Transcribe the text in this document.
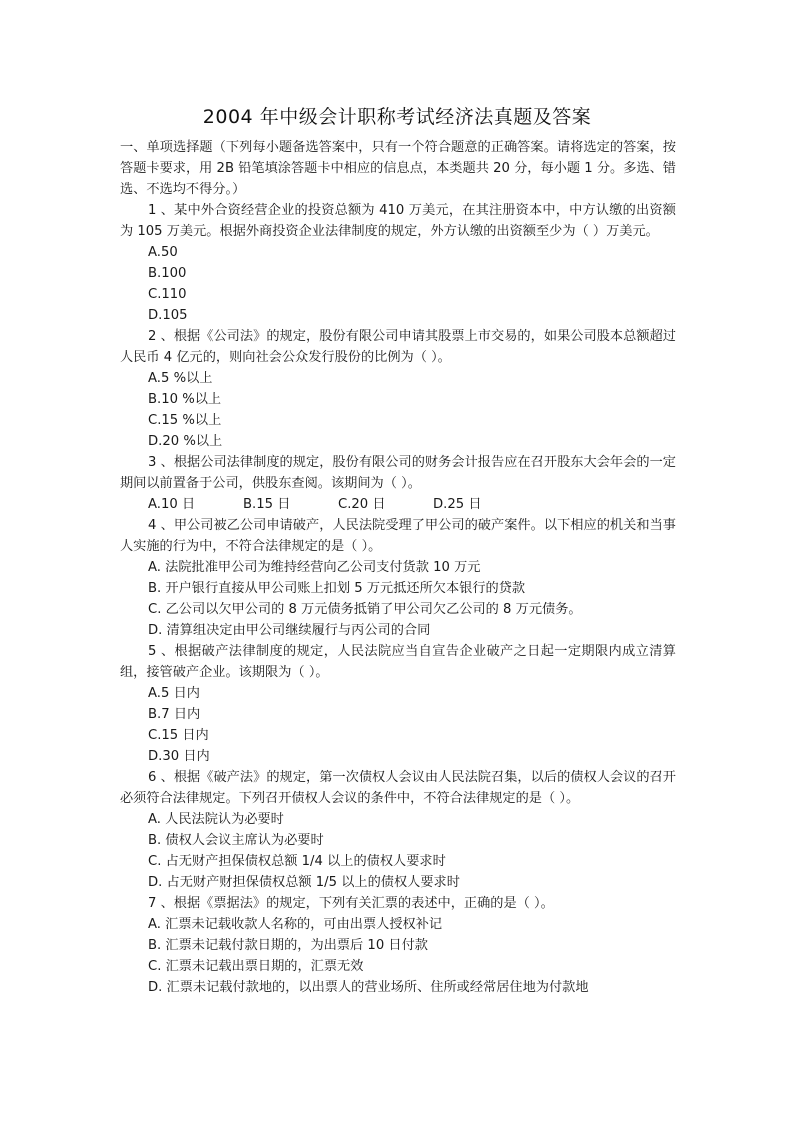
2004 年中级会计职称考试经济法真题及答案
一、单项选择题（下列每小题备选答案中，只有一个符合题意的正确答案。请将选定的答案，按答题卡要求，用 2B 铅笔填涂答题卡中相应的信息点，本类题共 20 分，每小题 1 分。多选、错选、不选均不得分。）
1 、某中外合资经营企业的投资总额为 410 万美元，在其注册资本中，中方认缴的出资额为 105 万美元。根据外商投资企业法律制度的规定，外方认缴的出资额至少为（ ）万美元。
A.50
B.100
C.110
D.105
2 、根据《公司法》的规定，股份有限公司申请其股票上市交易的，如果公司股本总额超过人民币 4 亿元的，则向社会公众发行股份的比例为（ ）。
A.5 %以上
B.10 %以上
C.15 %以上
D.20 %以上
3 、根据公司法律制度的规定，股份有限公司的财务会计报告应在召开股东大会年会的一定期间以前置备于公司，供股东查阅。该期间为（ ）。
A.10 日	B.15 日	C.20 日	D.25 日
4 、甲公司被乙公司申请破产，人民法院受理了甲公司的破产案件。以下相应的机关和当事人实施的行为中，不符合法律规定的是（ ）。
A. 法院批准甲公司为维持经营向乙公司支付货款 10 万元
B. 开户银行直接从甲公司账上扣划 5 万元抵还所欠本银行的贷款
C. 乙公司以欠甲公司的 8 万元债务抵销了甲公司欠乙公司的 8 万元债务。
D. 清算组决定由甲公司继续履行与丙公司的合同
5 、根据破产法律制度的规定，人民法院应当自宣告企业破产之日起一定期限内成立清算组，接管破产企业。该期限为（ ）。
A.5 日内
B.7 日内
C.15 日内
D.30 日内
6 、根据《破产法》的规定，第一次债权人会议由人民法院召集，以后的债权人会议的召开必须符合法律规定。下列召开债权人会议的条件中，不符合法律规定的是（ ）。
A. 人民法院认为必要时
B. 债权人会议主席认为必要时
C. 占无财产担保债权总额 1/4 以上的债权人要求时
D. 占无财产财担保债权总额 1/5 以上的债权人要求时
7 、根据《票据法》的规定，下列有关汇票的表述中，正确的是（ ）。
A. 汇票未记载收款人名称的，可由出票人授权补记
B. 汇票未记载付款日期的，为出票后 10 日付款
C. 汇票未记载出票日期的，汇票无效
D. 汇票未记载付款地的，以出票人的营业场所、住所或经常居住地为付款地
